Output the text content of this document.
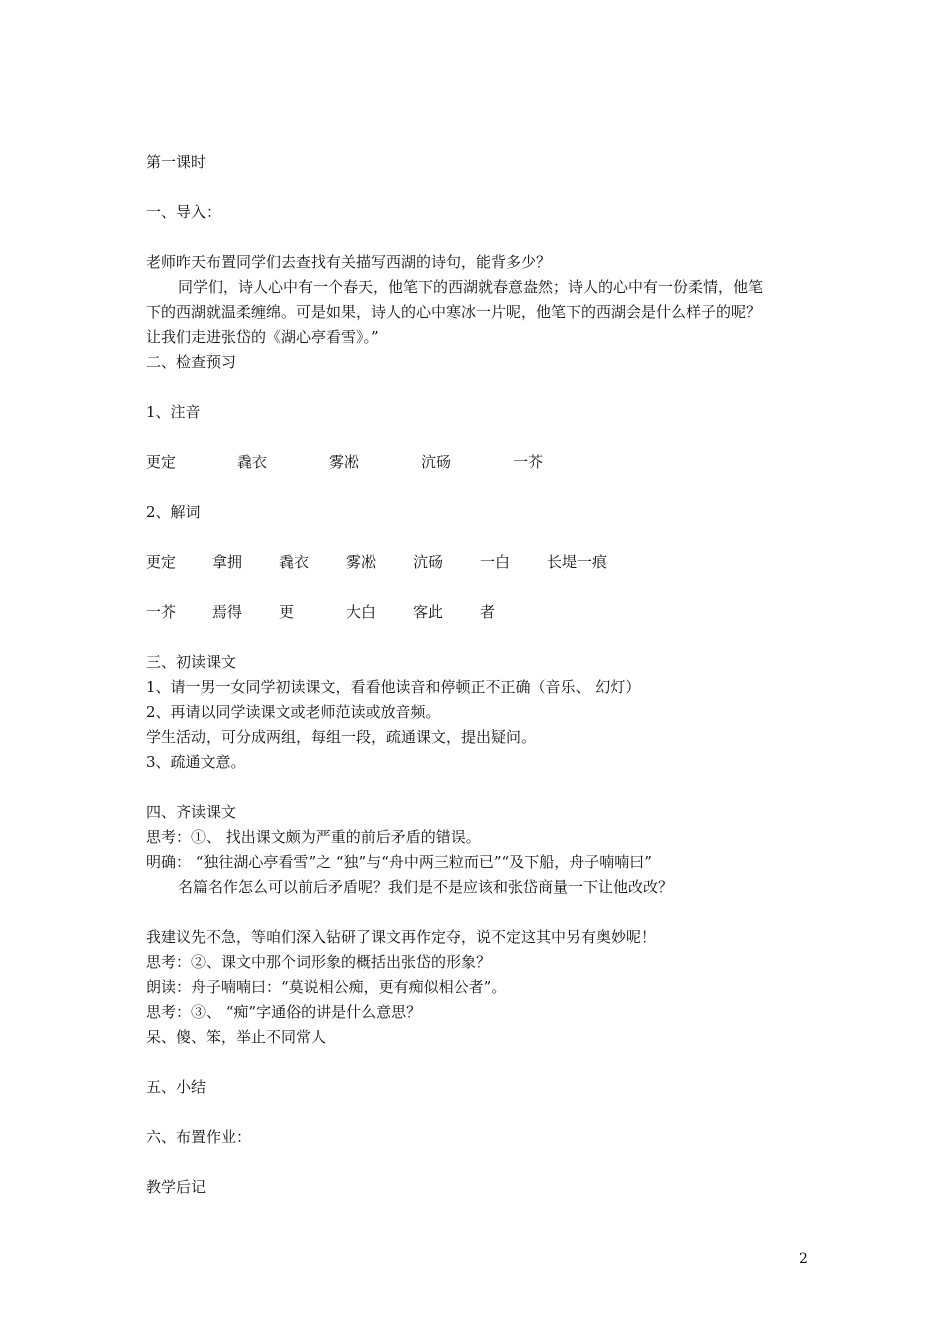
第一课时
一、导入：
老师昨天布置同学们去查找有关描写西湖的诗句，能背多少？
同学们，诗人心中有一个春天，他笔下的西湖就春意盎然；诗人的心中有一份柔情，他笔
下的西湖就温柔缠绵。可是如果，诗人的心中寒冰一片呢，他笔下的西湖会是什么样子的呢？
让我们走进张岱的《湖心亭看雪》。”
二、检查预习
1、注音
更定	毳衣	雾凇	沆砀	一芥
2、解词
更定 拿拥 毳衣 雾凇 沆砀 一白 长堤一痕
一芥 焉得 更	大白 客此 者
三、初读课文
1、请一男一女同学初读课文，看看他读音和停顿正不正确（音乐、 幻灯）
2、再请以同学读课文或老师范读或放音频。
学生活动，可分成两组，每组一段，疏通课文，提出疑问。
3、疏通文意。
四、齐读课文
思考：①、 找出课文颇为严重的前后矛盾的错误。
明确： “独往湖心亭看雪”之 “独”与“舟中两三粒而已”“及下船，舟子喃喃曰”
名篇名作怎么可以前后矛盾呢？我们是不是应该和张岱商量一下让他改改？
我建议先不急，等咱们深入钻研了课文再作定夺，说不定这其中另有奥妙呢！
思考：②、课文中那个词形象的概括出张岱的形象？
朗读：舟子喃喃曰：“莫说相公痴，更有痴似相公者”。
思考：③、 “痴”字通俗的讲是什么意思？
呆、傻、笨，举止不同常人
五、小结
六、布置作业：
教学后记
2
